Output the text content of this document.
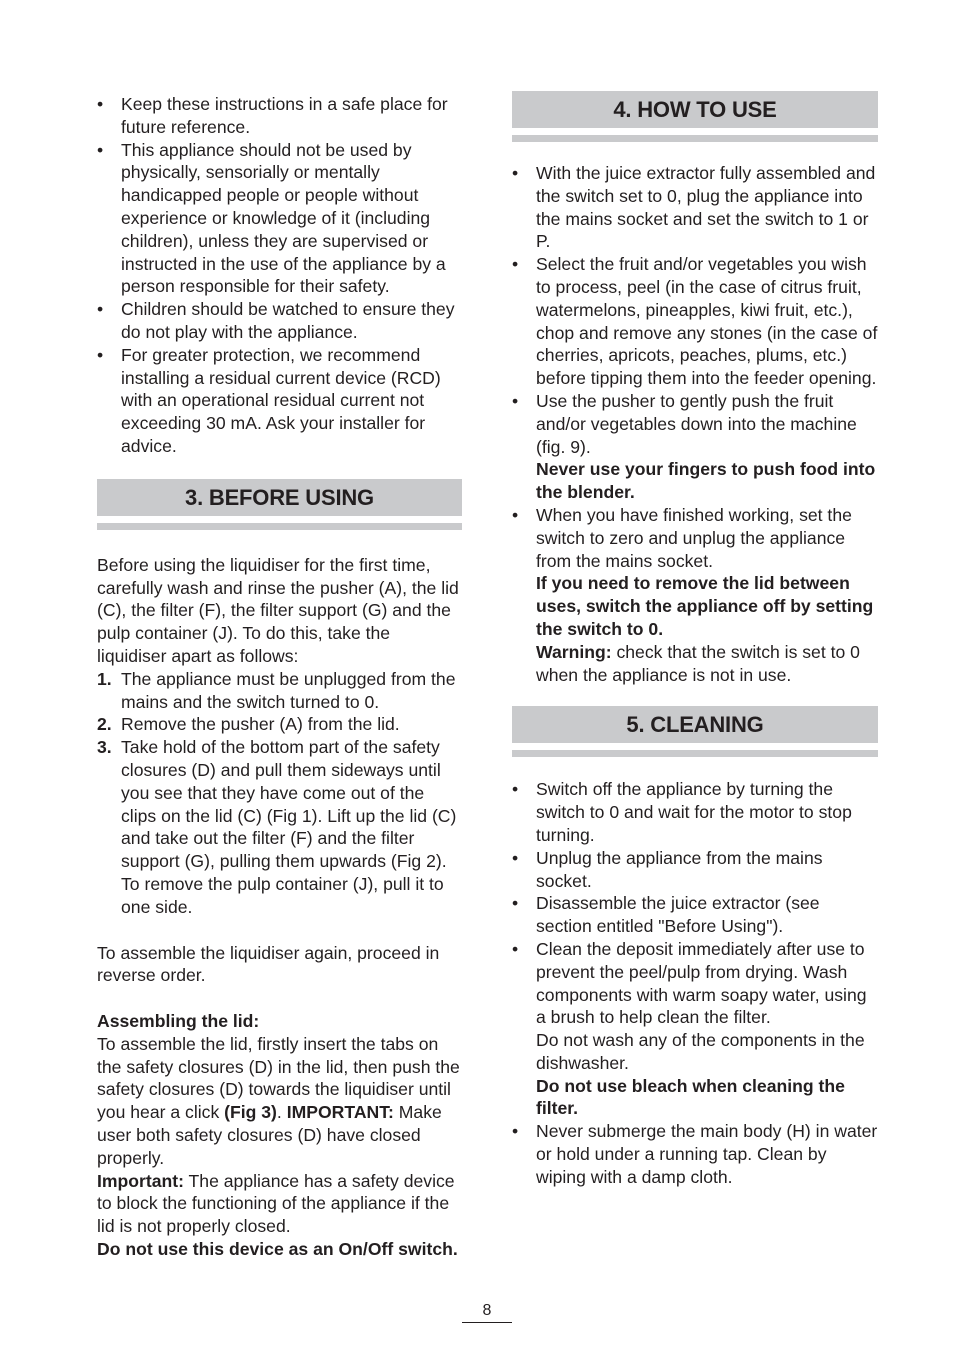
• Keep these instructions in a safe place for future reference.
• This appliance should not be used by physically, sensorially or mentally handicapped people or people without experience or knowledge of it (including children), unless they are supervised or instructed in the use of the appliance by a person responsible for their safety.
• Children should be watched to ensure they do not play with the appliance.
• For greater protection, we recommend installing a residual current device (RCD) with an operational residual current not exceeding 30 mA. Ask your installer for advice.
3. BEFORE USING

Before using the liquidiser for the first time, carefully wash and rinse the pusher (A), the lid (C), the filter (F), the filter support (G) and the pulp container (J). To do this, take the liquidiser apart as follows:

1. The appliance must be unplugged from the mains and the switch turned to 0.
2. Remove the pusher (A) from the lid.
3. Take hold of the bottom part of the safety closures (D) and pull them sideways until you see that they have come out of the clips on the lid (C) (Fig 1). Lift up the lid (C) and take out the filter (F) and the filter support (G), pulling them upwards (Fig 2). To remove the pulp container (J), pull it to one side.

To assemble the liquidiser again, proceed in reverse order.

Assembling the lid:

To assemble the lid, firstly insert the tabs on the safety closures (D) in the lid, then push the safety closures (D) towards the liquidiser until you hear a click (Fig 3). IMPORTANT: Make user both safety closures (D) have closed properly.

Important: The appliance has a safety device to block the functioning of the appliance if the lid is not properly closed.

Do not use this device as an On/Off switch.

4. HOW TO USE
• With the juice extractor fully assembled and the switch set to 0, plug the appliance into the mains socket and set the switch to 1 or P.
• Select the fruit and/or vegetables you wish to process, peel (in the case of citrus fruit, watermelons, pineapples, kiwi fruit, etc.), chop and remove any stones (in the case of cherries, apricots, peaches, plums, etc.) before tipping them into the feeder opening.
• Use the pusher to gently push the fruit and/or vegetables down into the machine (fig. 9).
Never use your fingers to push food into the blender.
• When you have finished working, set the switch to zero and unplug the appliance from the mains socket.
If you need to remove the lid between uses, switch the appliance off by setting the switch to 0.
Warning: check that the switch is set to 0 when the appliance is not in use.
5. CLEANING
• Switch off the appliance by turning the switch to 0 and wait for the motor to stop turning.
• Unplug the appliance from the mains socket.
• Disassemble the juice extractor (see section entitled "Before Using").
• Clean the deposit immediately after use to prevent the peel/pulp from drying. Wash components with warm soapy water, using a brush to help clean the filter.
Do not wash any of the components in the dishwasher.
Do not use bleach when cleaning the filter.
• Never submerge the main body (H) in water or hold under a running tap. Clean by wiping with a damp cloth.
8
